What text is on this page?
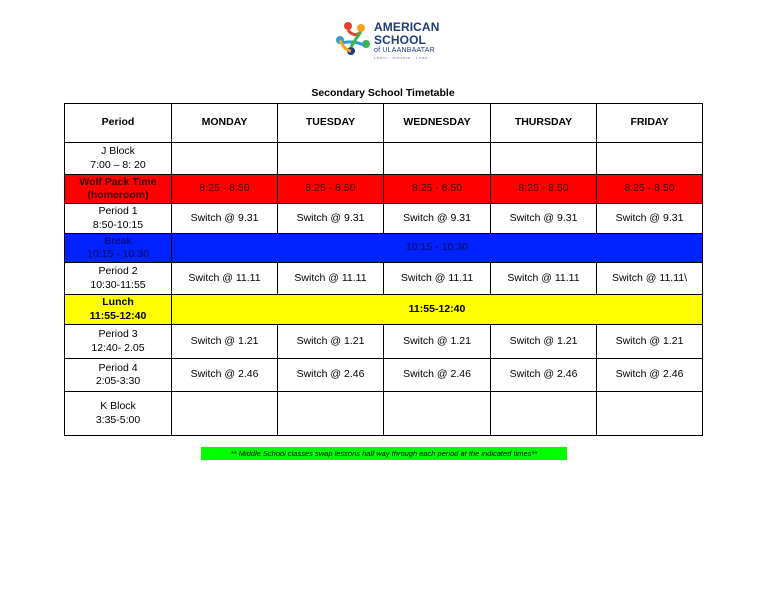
AMERICAN
SCHOOL
of ULAANBAATAR
Learn · Achieve · Lead
Secondary School Timetable
Period	MONDAY	TUESDAY	WEDNESDAY	THURSDAY	FRIDAY

J Block
7:00 – 8: 20					

Wolf Pack Time
(homeroom)	8:25 - 8.50	8:25 - 8.50	8:25 - 8.50	8:25 - 8.50	8:25 - 8.50

Period 1
8:50-10:15	Switch @ 9.31	Switch @ 9.31	Switch @ 9.31	Switch @ 9.31	Switch @ 9.31

Break
10:15 - 10:30	10:15 - 10:30				

Period 2
10:30-11:55	Switch @ 11.11	Switch @ 11.11	Switch @ 11.11	Switch @ 11.11	Switch @ 11.11\

Lunch
11:55-12:40	11:55-12:40				

Period 3
12:40- 2.05	Switch @ 1.21	Switch @ 1.21	Switch @ 1.21	Switch @ 1.21	Switch @ 1.21

Period 4
2:05-3:30	Switch @ 2.46	Switch @ 2.46	Switch @ 2.46	Switch @ 2.46	Switch @ 2.46

K Block
3:35-5:00					

** Middle School classes swap lessons half way through each period at the indicated times**
